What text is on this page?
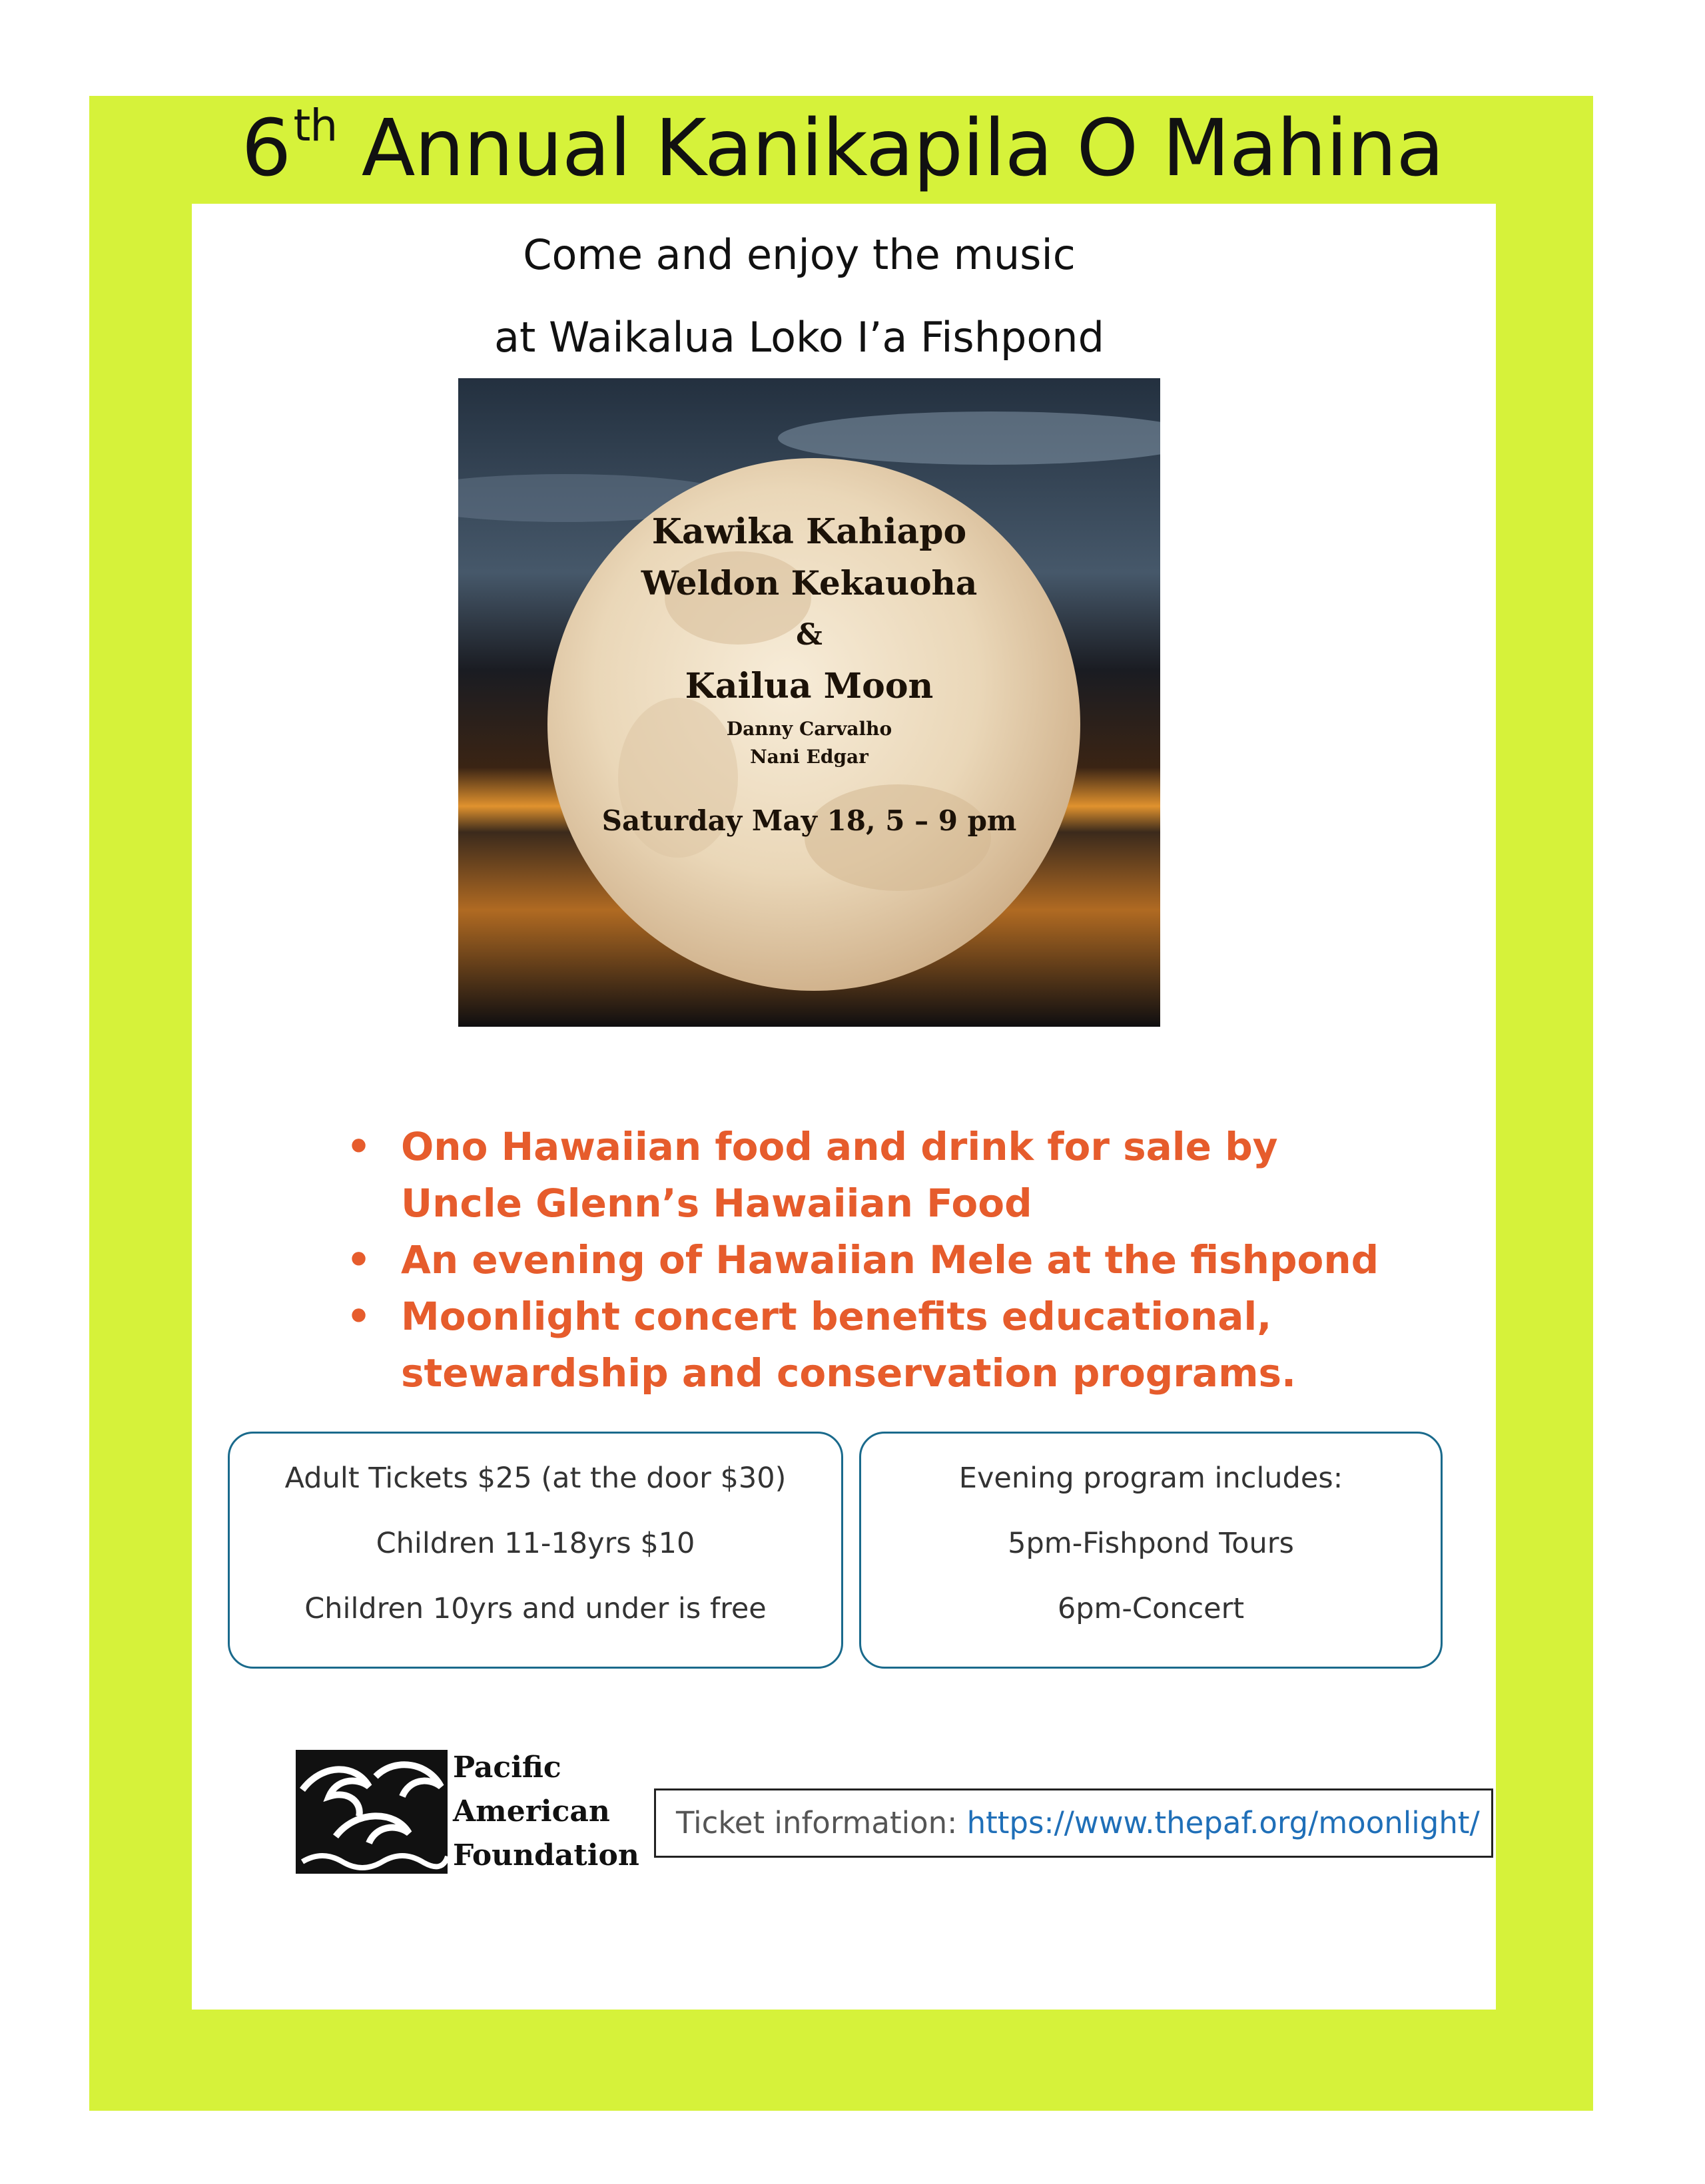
6th Annual Kanikapila O Mahina
Come and enjoy the music
at Waikalua Loko I’a Fishpond
Kawika Kahiapo
Weldon Kekauoha
&
Kailua Moon
Danny Carvalho
Nani Edgar
Saturday May 18, 5 – 9 pm
• Ono Hawaiian food and drink for sale by
Uncle Glenn’s Hawaiian Food
• An evening of Hawaiian Mele at the fishpond
• Moonlight concert benefits educational,
stewardship and conservation programs.
Adult Tickets $25 (at the door $30)
Children 11-18yrs $10
Children 10yrs and under is free
Evening program includes:
5pm-Fishpond Tours
6pm-Concert
Pacific
American
Foundation
Ticket information: https://www.thepaf.org/moonlight/
